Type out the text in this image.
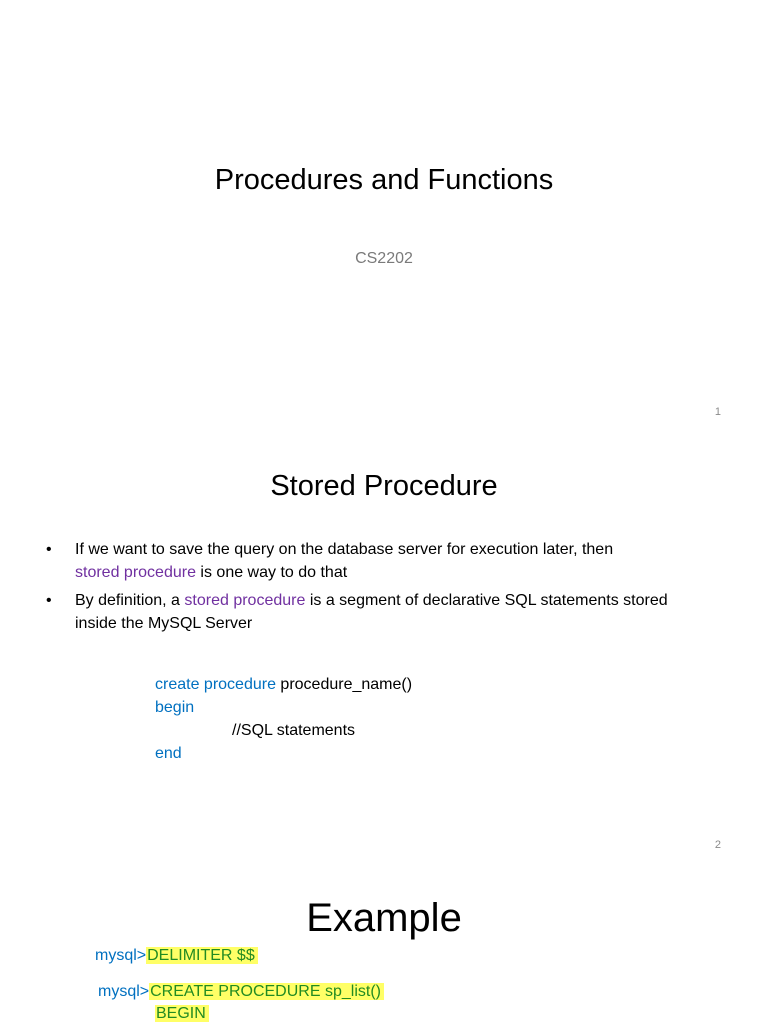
Procedures and Functions
CS2202
1
Stored Procedure
• If we want to save the query on the database server for execution later, then
stored procedure is one way to do that
• By definition, a stored procedure is a segment of declarative SQL statements stored inside the MySQL Server
create procedure procedure_name()
begin
//SQL statements
end
2
Example
mysql>DELIMITER $$
mysql>CREATE PROCEDURE sp_list()
BEGIN
